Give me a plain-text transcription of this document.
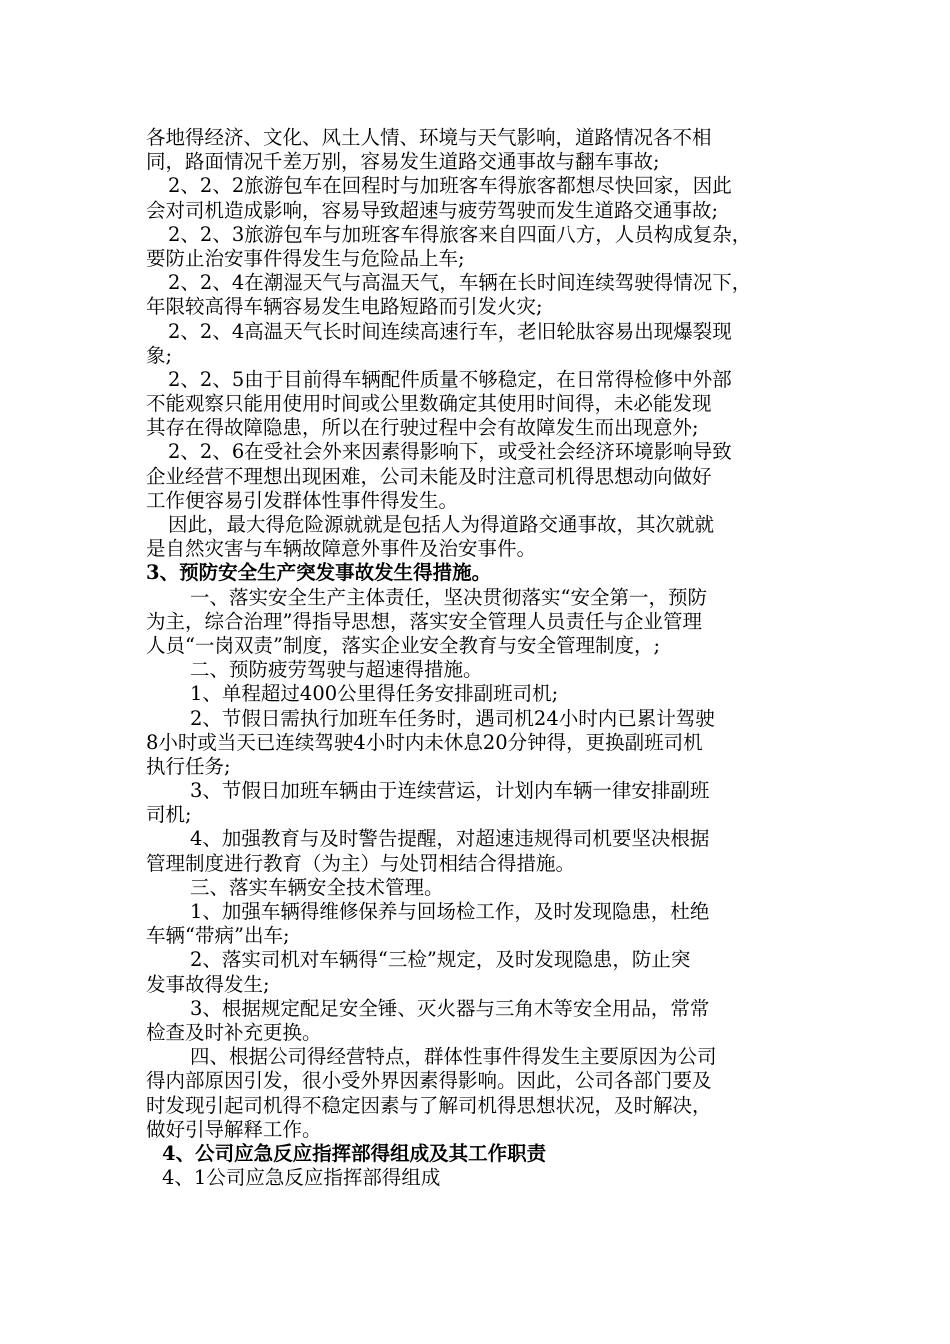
各地得经济、文化、风土人情、环境与天气影响，道路情况各不相
同，路面情况千差万别，容易发生道路交通事故与翻车事故;
2、2、2旅游包车在回程时与加班客车得旅客都想尽快回家，因此
会对司机造成影响，容易导致超速与疲劳驾驶而发生道路交通事故;
2、2、3旅游包车与加班客车得旅客来自四面八方，人员构成复杂，
要防止治安事件得发生与危险品上车;
2、2、4在潮湿天气与高温天气，车辆在长时间连续驾驶得情况下，
年限较高得车辆容易发生电路短路而引发火灾;
2、2、4高温天气长时间连续高速行车，老旧轮肽容易出现爆裂现
象;
2、2、5由于目前得车辆配件质量不够稳定，在日常得检修中外部
不能观察只能用使用时间或公里数确定其使用时间得，未必能发现
其存在得故障隐患，所以在行驶过程中会有故障发生而出现意外;
2、2、6在受社会外来因素得影响下，或受社会经济环境影响导致
企业经营不理想出现困难，公司未能及时注意司机得思想动向做好
工作便容易引发群体性事件得发生。
因此，最大得危险源就就是包括人为得道路交通事故，其次就就
是自然灾害与车辆故障意外事件及治安事件。
3、预防安全生产突发事故发生得措施。
一、落实安全生产主体责任，坚决贯彻落实“安全第一，预防
为主，综合治理”得指导思想，落实安全管理人员责任与企业管理
人员“一岗双责”制度，落实企业安全教育与安全管理制度，;
二、预防疲劳驾驶与超速得措施。
1、单程超过400公里得任务安排副班司机;
2、节假日需执行加班车任务时，遇司机24小时内已累计驾驶
8小时或当天已连续驾驶4小时内未休息20分钟得，更换副班司机
执行任务;
3、节假日加班车辆由于连续营运，计划内车辆一律安排副班
司机;
4、加强教育与及时警告提醒，对超速违规得司机要坚决根据
管理制度进行教育（为主）与处罚相结合得措施。
三、落实车辆安全技术管理。
1、加强车辆得维修保养与回场检工作，及时发现隐患，杜绝
车辆“带病”出车;
2、落实司机对车辆得“三检”规定，及时发现隐患，防止突
发事故得发生;
3、根据规定配足安全锤、灭火器与三角木等安全用品，常常
检查及时补充更换。
四、根据公司得经营特点，群体性事件得发生主要原因为公司
得内部原因引发，很小受外界因素得影响。因此，公司各部门要及
时发现引起司机得不稳定因素与了解司机得思想状况，及时解决，
做好引导解释工作。
4、公司应急反应指挥部得组成及其工作职责
4、1公司应急反应指挥部得组成
